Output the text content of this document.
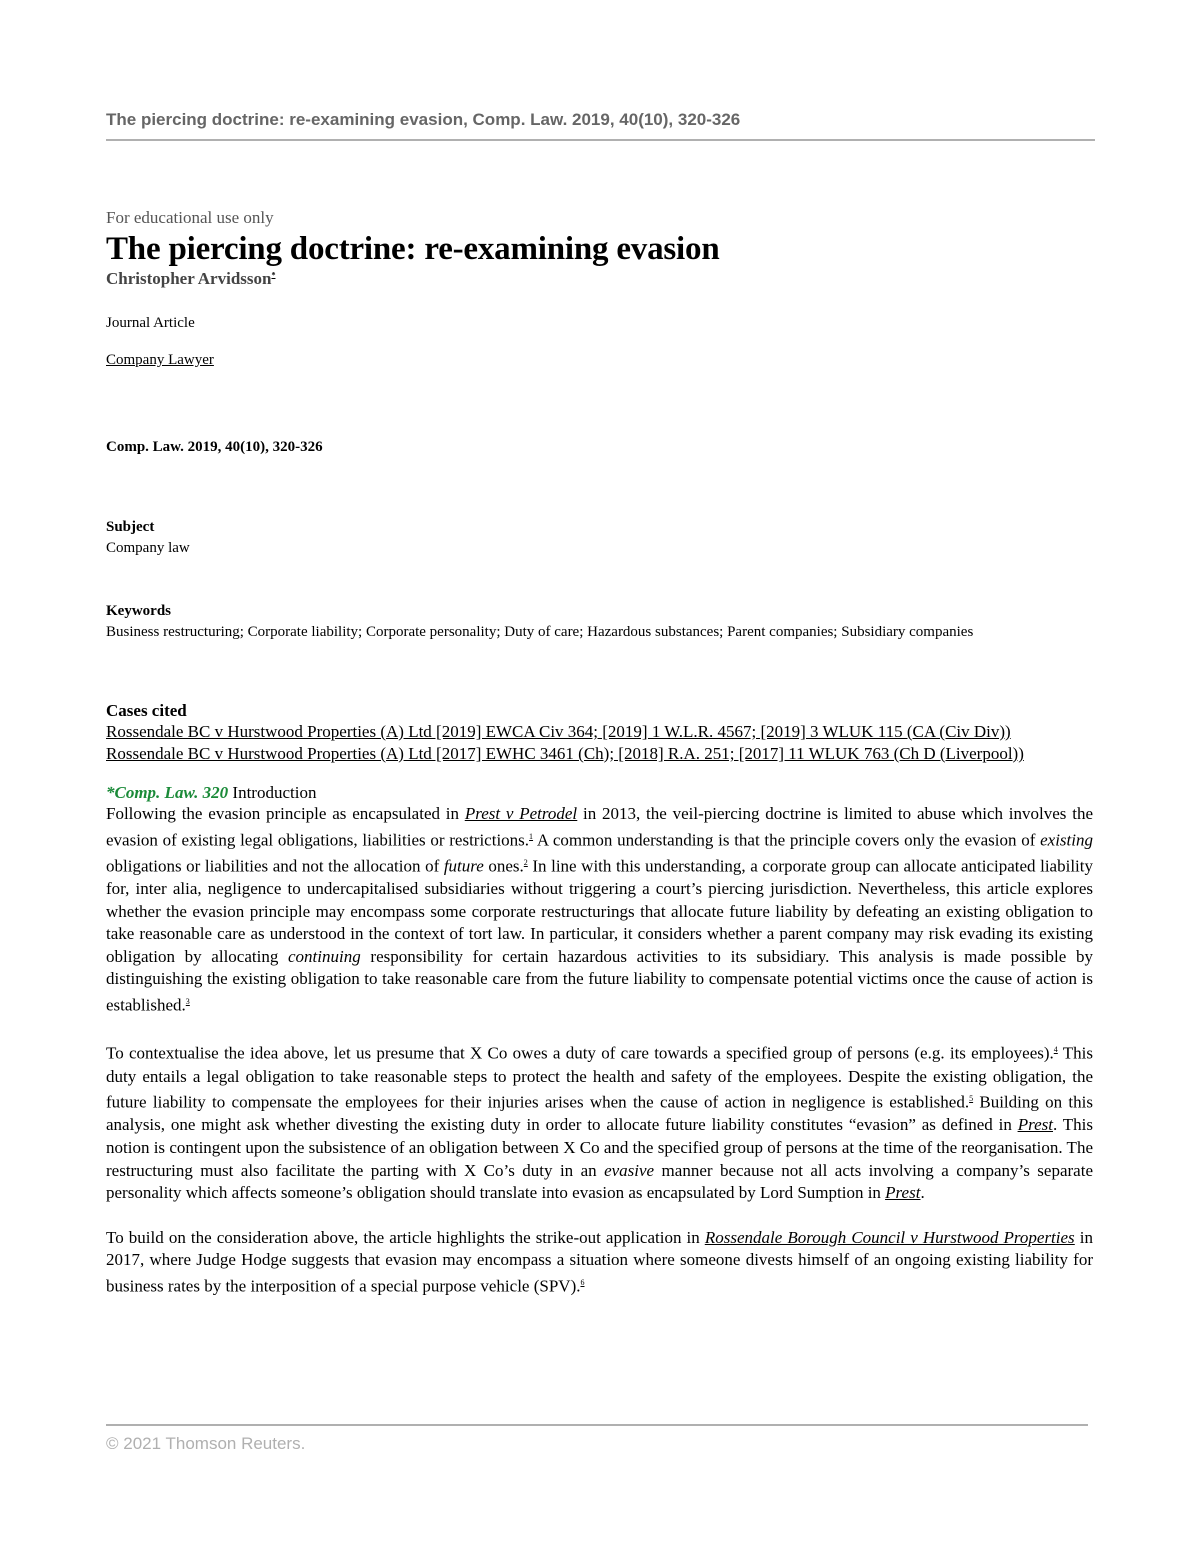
The piercing doctrine: re-examining evasion, Comp. Law. 2019, 40(10), 320-326

For educational use only

The piercing doctrine: re-examining evasion

Christopher Arvidsson*

Journal Article

Company Lawyer

Comp. Law. 2019, 40(10), 320-326

Subject

Company law

Keywords

Business restructuring; Corporate liability; Corporate personality; Duty of care; Hazardous substances; Parent companies; Subsidiary companies

Cases cited

Rossendale BC v Hurstwood Properties (A) Ltd [2019] EWCA Civ 364; [2019] 1 W.L.R. 4567; [2019] 3 WLUK 115 (CA (Civ Div))
Rossendale BC v Hurstwood Properties (A) Ltd [2017] EWHC 3461 (Ch); [2018] R.A. 251; [2017] 11 WLUK 763 (Ch D (Liverpool))

*Comp. Law. 320 Introduction

Following the evasion principle as encapsulated in Prest v Petrodel in 2013, the veil-piercing doctrine is limited to abuse which involves the evasion of existing legal obligations, liabilities or restrictions.$^1$ A common understanding is that the principle covers only the evasion of existing obligations or liabilities and not the allocation of future ones.$^2$ In line with this understanding, a corporate group can allocate anticipated liability for, inter alia, negligence to undercapitalised subsidiaries without triggering a court’s piercing jurisdiction. Nevertheless, this article explores whether the evasion principle may encompass some corporate restructurings that allocate future liability by defeating an existing obligation to take reasonable care as understood in the context of tort law. In particular, it considers whether a parent company may risk evading its existing obligation by allocating continuing responsibility for certain hazardous activities to its subsidiary. This analysis is made possible by distinguishing the existing obligation to take reasonable care from the future liability to compensate potential victims once the cause of action is established.$^3$

To contextualise the idea above, let us presume that X Co owes a duty of care towards a specified group of persons (e.g. its employees).$^4$ This duty entails a legal obligation to take reasonable steps to protect the health and safety of the employees. Despite the existing obligation, the future liability to compensate the employees for their injuries arises when the cause of action in negligence is established.$^5$ Building on this analysis, one might ask whether divesting the existing duty in order to allocate future liability constitutes “evasion” as defined in Prest. This notion is contingent upon the subsistence of an obligation between X Co and the specified group of persons at the time of the reorganisation. The restructuring must also facilitate the parting with X Co’s duty in an evasive manner because not all acts involving a company’s separate personality which affects someone’s obligation should translate into evasion as encapsulated by Lord Sumption in Prest.

To build on the consideration above, the article highlights the strike-out application in Rossendale Borough Council v Hurstwood Properties in 2017, where Judge Hodge suggests that evasion may encompass a situation where someone divests himself of an ongoing existing liability for business rates by the interposition of a special purpose vehicle (SPV).$^6$

© 2021 Thomson Reuters.
